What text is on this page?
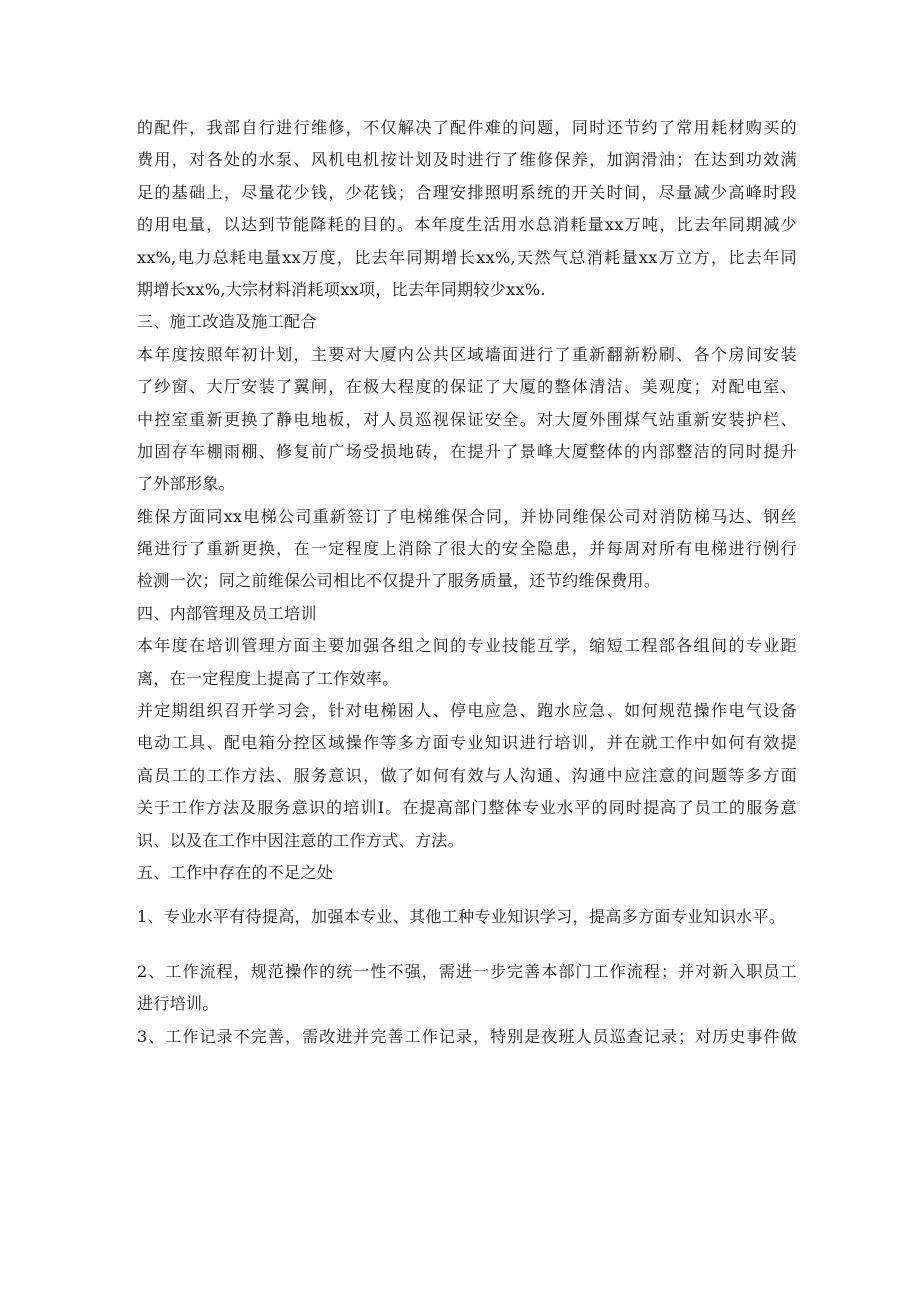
的配件，我部自行进行维修，不仅解决了配件难的问题，同时还节约了常用耗材购买的
费用，对各处的水泵、风机电机按计划及时进行了维修保养，加润滑油；在达到功效满
足的基础上，尽量花少钱，少花钱；合理安排照明系统的开关时间，尽量减少高峰时段
的用电量，以达到节能降耗的目的。本年度生活用水总消耗量xx万吨，比去年同期减少
xx%,电力总耗电量xx万度，比去年同期增长xx%,天然气总消耗量xx万立方，比去年同
期增长xx%,大宗材料消耗项xx项，比去年同期较少xx%.
三、施工改造及施工配合
本年度按照年初计划，主要对大厦内公共区域墙面进行了重新翻新粉刷、各个房间安装
了纱窗、大厅安装了翼闸，在极大程度的保证了大厦的整体清洁、美观度；对配电室、
中控室重新更换了静电地板，对人员巡视保证安全。对大厦外围煤气站重新安装护栏、
加固存车棚雨棚、修复前广场受损地砖，在提升了景峰大厦整体的内部整洁的同时提升
了外部形象。
维保方面同xx电梯公司重新签订了电梯维保合同，并协同维保公司对消防梯马达、钢丝
绳进行了重新更换，在一定程度上消除了很大的安全隐患，并每周对所有电梯进行例行
检测一次；同之前维保公司相比不仅提升了服务质量，还节约维保费用。
四、内部管理及员工培训
本年度在培训管理方面主要加强各组之间的专业技能互学，缩短工程部各组间的专业距
离，在一定程度上提高了工作效率。
并定期组织召开学习会，针对电梯困人、停电应急、跑水应急、如何规范操作电气设备
电动工具、配电箱分控区域操作等多方面专业知识进行培训，并在就工作中如何有效提
高员工的工作方法、服务意识，做了如何有效与人沟通、沟通中应注意的问题等多方面
关于工作方法及服务意识的培训I。在提高部门整体专业水平的同时提高了员工的服务意
识、以及在工作中因注意的工作方式、方法。
五、工作中存在的不足之处
1、专业水平有待提高，加强本专业、其他工种专业知识学习，提高多方面专业知识水平。
2、工作流程，规范操作的统一性不强，需进一步完善本部门工作流程；并对新入职员工
进行培训。
3、工作记录不完善，需改进并完善工作记录，特别是夜班人员巡查记录；对历史事件做
